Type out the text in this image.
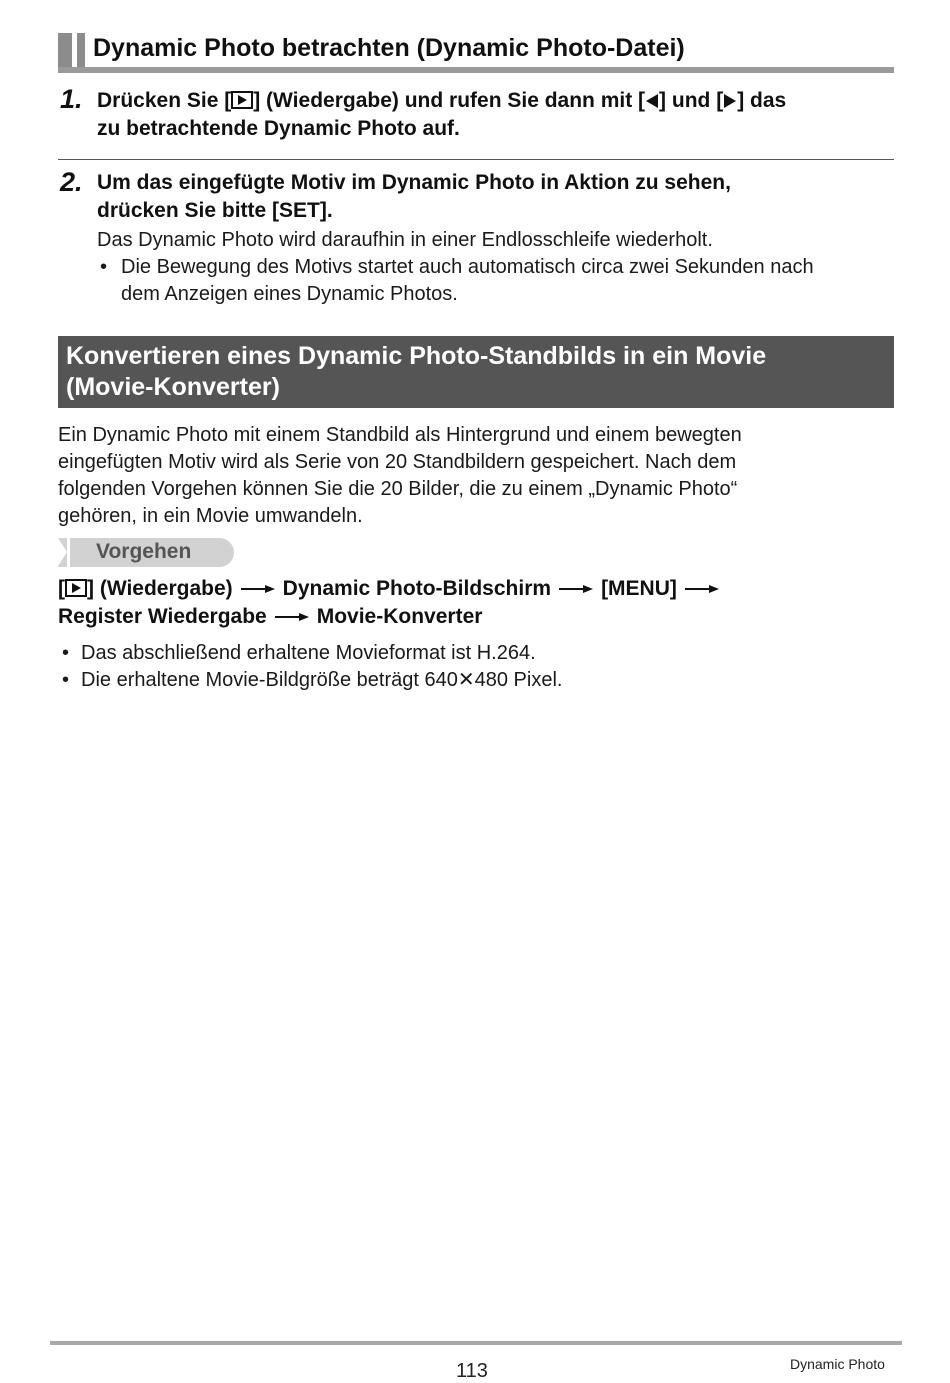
Dynamic Photo betrachten (Dynamic Photo-Datei)
1. Drücken Sie [ ] (Wiedergabe) und rufen Sie dann mit [ ] und [ ] das
zu betrachtende Dynamic Photo auf.
2. Um das eingefügte Motiv im Dynamic Photo in Aktion zu sehen,
drücken Sie bitte [SET].
Das Dynamic Photo wird daraufhin in einer Endlosschleife wiederholt.
• Die Bewegung des Motivs startet auch automatisch circa zwei Sekunden nach
dem Anzeigen eines Dynamic Photos.
Konvertieren eines Dynamic Photo-Standbilds in ein Movie
(Movie-Konverter)
Ein Dynamic Photo mit einem Standbild als Hintergrund und einem bewegten
eingefügten Motiv wird als Serie von 20 Standbildern gespeichert. Nach dem
folgenden Vorgehen können Sie die 20 Bilder, die zu einem „Dynamic Photo“
gehören, in ein Movie umwandeln.
Vorgehen
[ ] (Wiedergabe) Dynamic Photo-Bildschirm [MENU]
Register Wiedergabe Movie-Konverter
• Das abschließend erhaltene Movieformat ist H.264.
• Die erhaltene Movie-Bildgröße beträgt 640✕480 Pixel.
113	Dynamic Photo
